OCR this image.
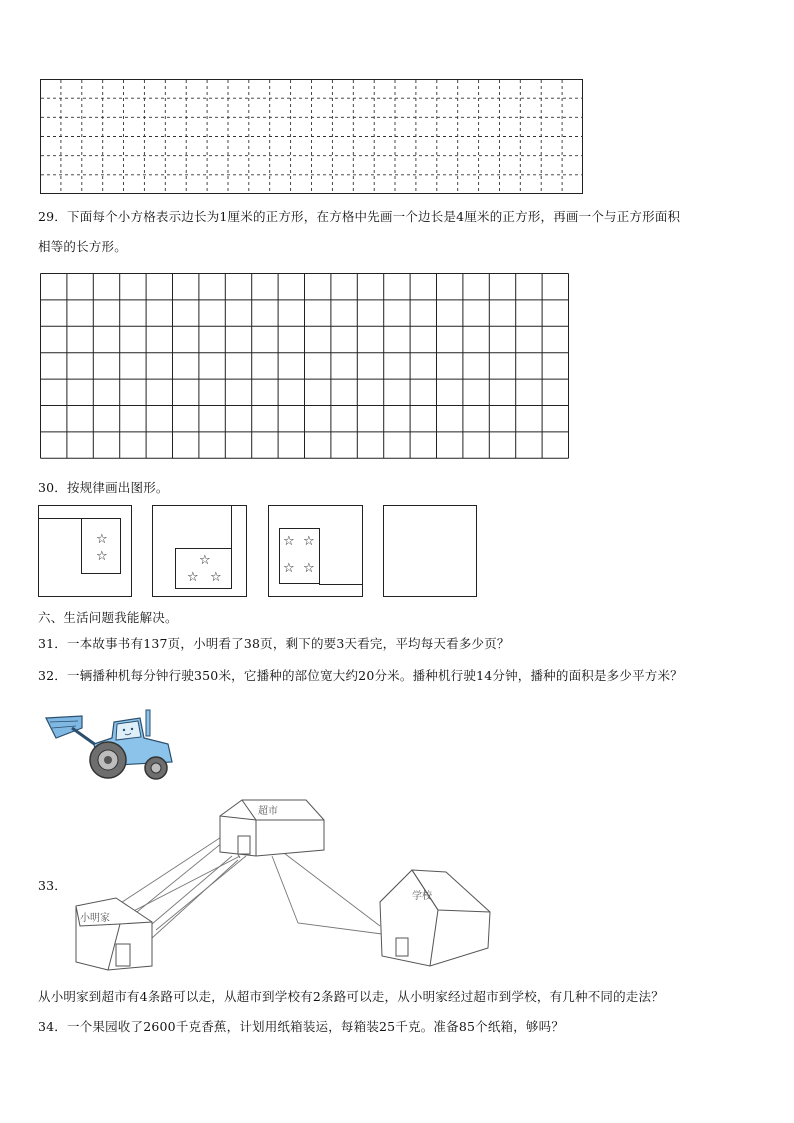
29．下面每个小方格表示边长为1厘米的正方形，在方格中先画一个边长是4厘米的正方形，再画一个与正方形面积
相等的长方形。
30．按规律画出图形。
☆
☆	☆
☆ ☆
☆ ☆
☆ ☆
六、生活问题我能解决。
31．一本故事书有137页，小明看了38页，剩下的要3天看完，平均每天看多少页？
32．一辆播种机每分钟行驶350米，它播种的部位宽大约20分米。播种机行驶14分钟，播种的面积是多少平方米？
超市
学校
小明家
33．
从小明家到超市有4条路可以走，从超市到学校有2条路可以走，从小明家经过超市到学校，有几种不同的走法？
34．一个果园收了2600千克香蕉，计划用纸箱装运，每箱装25千克。准备85个纸箱，够吗？
